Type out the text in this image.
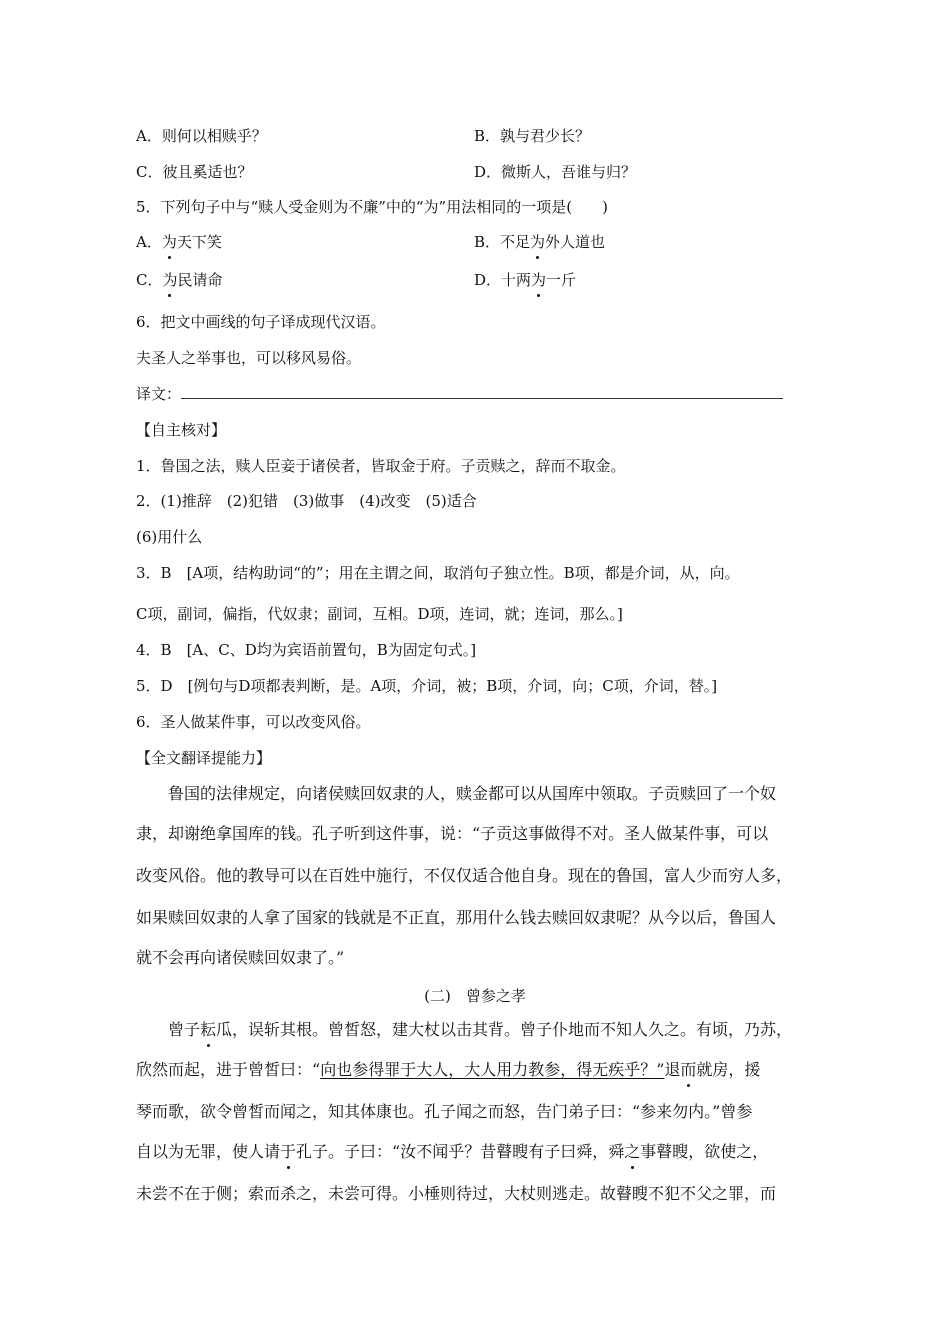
A．则何以相赎乎？	B．孰与君少长？
C．彼且奚适也？	D．微斯人，吾谁与归？
5．下列句子中与“赎人受金则为不廉”中的“为”用法相同的一项是(　　)
A．为天下笑	B．不足为外人道也
C．为民请命	D．十两为一斤
6．把文中画线的句子译成现代汉语。
夫圣人之举事也，可以移风易俗。
译文：
【自主核对】
1．鲁国之法，赎人臣妾于诸侯者，皆取金于府。子贡赎之，辞而不取金。
2．(1)推辞　(2)犯错　(3)做事　(4)改变　(5)适合
(6)用什么
3．B　[A项，结构助词“的”；用在主谓之间，取消句子独立性。B项，都是介词，从，向。
C项，副词，偏指，代奴隶；副词，互相。D项，连词，就；连词，那么。]
4．B　[A、C、D均为宾语前置句，B为固定句式。]
5．D　[例句与D项都表判断，是。A项，介词，被；B项，介词，向；C项，介词，替。]
6．圣人做某件事，可以改变风俗。
【全文翻译提能力】
鲁国的法律规定，向诸侯赎回奴隶的人，赎金都可以从国库中领取。子贡赎回了一个奴
隶，却谢绝拿国库的钱。孔子听到这件事，说：“子贡这事做得不对。圣人做某件事，可以
改变风俗。他的教导可以在百姓中施行，不仅仅适合他自身。现在的鲁国，富人少而穷人多，
如果赎回奴隶的人拿了国家的钱就是不正直，那用什么钱去赎回奴隶呢？从今以后，鲁国人
就不会再向诸侯赎回奴隶了。”
(二)　曾参之孝
曾子耘瓜，误斩其根。曾皙怒，建大杖以击其背。曾子仆地而不知人久之。有顷，乃苏，
欣然而起，进于曾皙曰：“向也参得罪于大人，大人用力教参，得无疾乎？”退而就房，援
琴而歌，欲令曾皙而闻之，知其体康也。孔子闻之而怒，告门弟子曰：“参来勿内。”曾参
自以为无罪，使人请于孔子。子曰：“汝不闻乎？昔瞽瞍有子曰舜，舜之事瞽瞍，欲使之，
未尝不在于侧；索而杀之，未尝可得。小棰则待过，大杖则逃走。故瞽瞍不犯不父之罪，而
